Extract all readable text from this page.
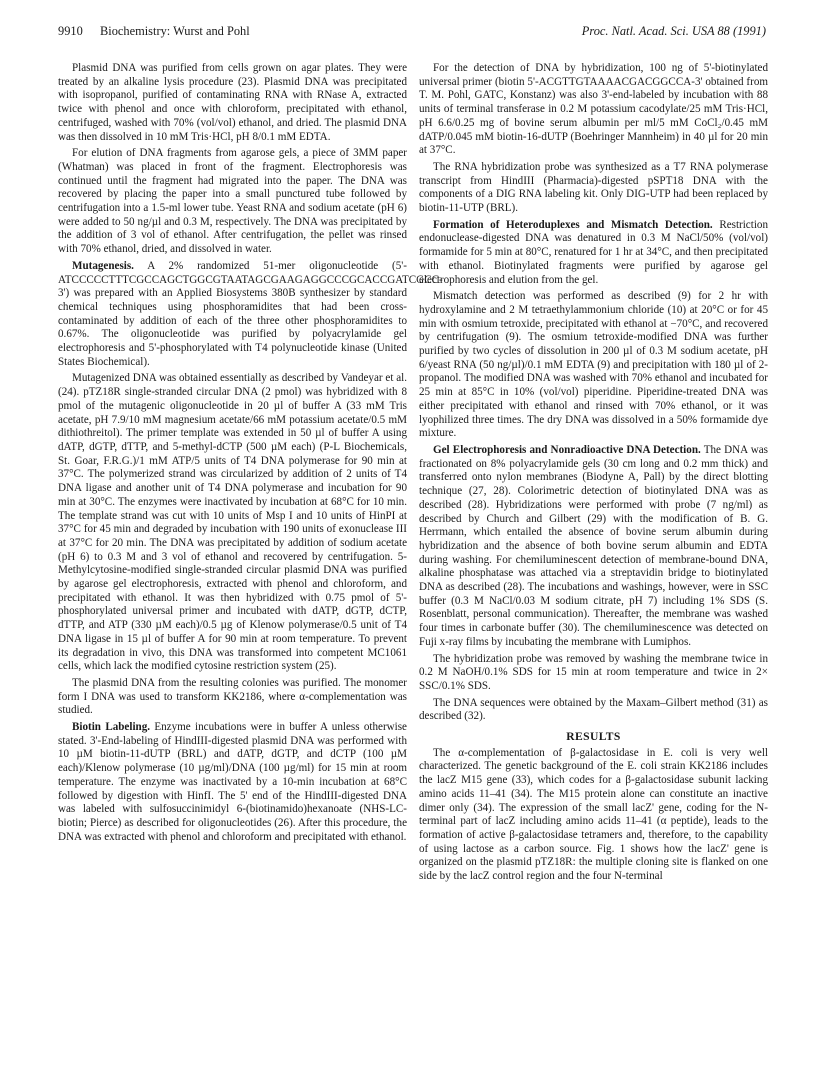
9910 Biochemistry: Wurst and Pohl	Proc. Natl. Acad. Sci. USA 88 (1991)

Plasmid DNA was purified from cells grown on agar plates. They were treated by an alkaline lysis procedure (23). Plasmid DNA was precipitated with isopropanol, purified of contaminating RNA with RNase A, extracted twice with phenol and once with chloroform, precipitated with ethanol, centrifuged, washed with 70% (vol/vol) ethanol, and dried. The plasmid DNA was then dissolved in 10 mM Tris·HCl, pH 8/0.1 mM EDTA.

For elution of DNA fragments from agarose gels, a piece of 3MM paper (Whatman) was placed in front of the fragment. Electrophoresis was continued until the fragment had migrated into the paper. The DNA was recovered by placing the paper into a small punctured tube followed by centrifugation into a 1.5-ml lower tube. Yeast RNA and sodium acetate (pH 6) were added to 50 ng/µl and 0.3 M, respectively. The DNA was precipitated by the addition of 3 vol of ethanol. After centrifugation, the pellet was rinsed with 70% ethanol, dried, and dissolved in water.

Mutagenesis. A 2% randomized 51-mer oligonucleotide (5'-ATCCCCCTTTCGCCAGCTGGCGTAATAGCGAAGAGGCCCGCACCGATCGCC-3') was prepared with an Applied Biosystems 380B synthesizer by standard chemical techniques using phosphoramidites that had been cross-contaminated by addition of each of the three other phosphoramidites to 0.67%. The oligonucleotide was purified by polyacrylamide gel electrophoresis and 5'-phosphorylated with T4 polynucleotide kinase (United States Biochemical).

Mutagenized DNA was obtained essentially as described by Vandeyar et al. (24). pTZ18R single-stranded circular DNA (2 pmol) was hybridized with 8 pmol of the mutagenic oligonucleotide in 20 µl of buffer A (33 mM Tris acetate, pH 7.9/10 mM magnesium acetate/66 mM potassium acetate/0.5 mM dithiothreitol). The primer template was extended in 50 µl of buffer A using dATP, dGTP, dTTP, and 5-methyl-dCTP (500 µM each) (P-L Biochemicals, St. Goar, F.R.G.)/1 mM ATP/5 units of T4 DNA polymerase for 90 min at 37°C. The polymerized strand was circularized by addition of 2 units of T4 DNA ligase and another unit of T4 DNA polymerase and incubation for 90 min at 30°C. The enzymes were inactivated by incubation at 68°C for 10 min. The template strand was cut with 10 units of Msp I and 10 units of HinPI at 37°C for 45 min and degraded by incubation with 190 units of exonuclease III at 37°C for 20 min. The DNA was precipitated by addition of sodium acetate (pH 6) to 0.3 M and 3 vol of ethanol and recovered by centrifugation. 5-Methylcytosine-modified single-stranded circular plasmid DNA was purified by agarose gel electrophoresis, extracted with phenol and chloroform, and precipitated with ethanol. It was then hybridized with 0.75 pmol of 5'-phosphorylated universal primer and incubated with dATP, dGTP, dCTP, dTTP, and ATP (330 µM each)/0.5 µg of Klenow polymerase/0.5 unit of T4 DNA ligase in 15 µl of buffer A for 90 min at room temperature. To prevent its degradation in vivo, this DNA was transformed into competent MC1061 cells, which lack the modified cytosine restriction system (25).

The plasmid DNA from the resulting colonies was purified. The monomer form I DNA was used to transform KK2186, where α-complementation was studied.

Biotin Labeling. Enzyme incubations were in buffer A unless otherwise stated. 3'-End-labeling of HindIII-digested plasmid DNA was performed with 10 µM biotin-11-dUTP (BRL) and dATP, dGTP, and dCTP (100 µM each)/Klenow polymerase (10 µg/ml)/DNA (100 µg/ml) for 15 min at room temperature. The enzyme was inactivated by a 10-min incubation at 68°C followed by digestion with HinfI. The 5' end of the HindIII-digested DNA was labeled with sulfosuccinimidyl 6-(biotinamido)hexanoate (NHS-LC-biotin; Pierce) as described for oligonucleotides (26). After this procedure, the DNA was extracted with phenol and chloroform and precipitated with ethanol.

For the detection of DNA by hybridization, 100 ng of 5'-biotinylated universal primer (biotin 5'-ACGTTGTAAAACGACGGCCA-3' obtained from T. M. Pohl, GATC, Konstanz) was also 3'-end-labeled by incubation with 88 units of terminal transferase in 0.2 M potassium cacodylate/25 mM Tris·HCl, pH 6.6/0.25 mg of bovine serum albumin per ml/5 mM CoCl₂/0.45 mM dATP/0.045 mM biotin-16-dUTP (Boehringer Mannheim) in 40 µl for 20 min at 37°C.

The RNA hybridization probe was synthesized as a T7 RNA polymerase transcript from HindIII (Pharmacia)-digested pSPT18 DNA with the components of a DIG RNA labeling kit. Only DIG-UTP had been replaced by biotin-11-UTP (BRL).

Formation of Heteroduplexes and Mismatch Detection. Restriction endonuclease-digested DNA was denatured in 0.3 M NaCl/50% (vol/vol) formamide for 5 min at 80°C, renatured for 1 hr at 34°C, and then precipitated with ethanol. Biotinylated fragments were purified by agarose gel electrophoresis and elution from the gel.

Mismatch detection was performed as described (9) for 2 hr with hydroxylamine and 2 M tetraethylammonium chloride (10) at 20°C or for 45 min with osmium tetroxide, precipitated with ethanol at −70°C, and recovered by centrifugation (9). The osmium tetroxide-modified DNA was further purified by two cycles of dissolution in 200 µl of 0.3 M sodium acetate, pH 6/yeast RNA (50 ng/µl)/0.1 mM EDTA (9) and precipitation with 180 µl of 2-propanol. The modified DNA was washed with 70% ethanol and incubated for 25 min at 85°C in 10% (vol/vol) piperidine. Piperidine-treated DNA was either precipitated with ethanol and rinsed with 70% ethanol, or it was lyophilized three times. The dry DNA was dissolved in a 50% formamide dye mixture.

Gel Electrophoresis and Nonradioactive DNA Detection. The DNA was fractionated on 8% polyacrylamide gels (30 cm long and 0.2 mm thick) and transferred onto nylon membranes (Biodyne A, Pall) by the direct blotting technique (27, 28). Colorimetric detection of biotinylated DNA was as described (28). Hybridizations were performed with probe (7 ng/ml) as described by Church and Gilbert (29) with the modification of B. G. Herrmann, which entailed the absence of bovine serum albumin during hybridization and the absence of both bovine serum albumin and EDTA during washing. For chemiluminescent detection of membrane-bound DNA, alkaline phosphatase was attached via a streptavidin bridge to biotinylated DNA as described (28). The incubations and washings, however, were in SSC buffer (0.3 M NaCl/0.03 M sodium citrate, pH 7) including 1% SDS (S. Rosenblatt, personal communication). Thereafter, the membrane was washed four times in carbonate buffer (30). The chemiluminescence was detected on Fuji x-ray films by incubating the membrane with Lumiphos.

The hybridization probe was removed by washing the membrane twice in 0.2 M NaOH/0.1% SDS for 15 min at room temperature and twice in 2× SSC/0.1% SDS.

The DNA sequences were obtained by the Maxam–Gilbert method (31) as described (32).

RESULTS

The α-complementation of β-galactosidase in E. coli is very well characterized. The genetic background of the E. coli strain KK2186 includes the lacZ M15 gene (33), which codes for a β-galactosidase subunit lacking amino acids 11–41 (34). The M15 protein alone can constitute an inactive dimer only (34). The expression of the small lacZ' gene, coding for the N-terminal part of lacZ including amino acids 11–41 (α peptide), leads to the formation of active β-galactosidase tetramers and, therefore, to the capability of using lactose as a carbon source. Fig. 1 shows how the lacZ' gene is organized on the plasmid pTZ18R: the multiple cloning site is flanked on one side by the lacZ control region and the four N-terminal
